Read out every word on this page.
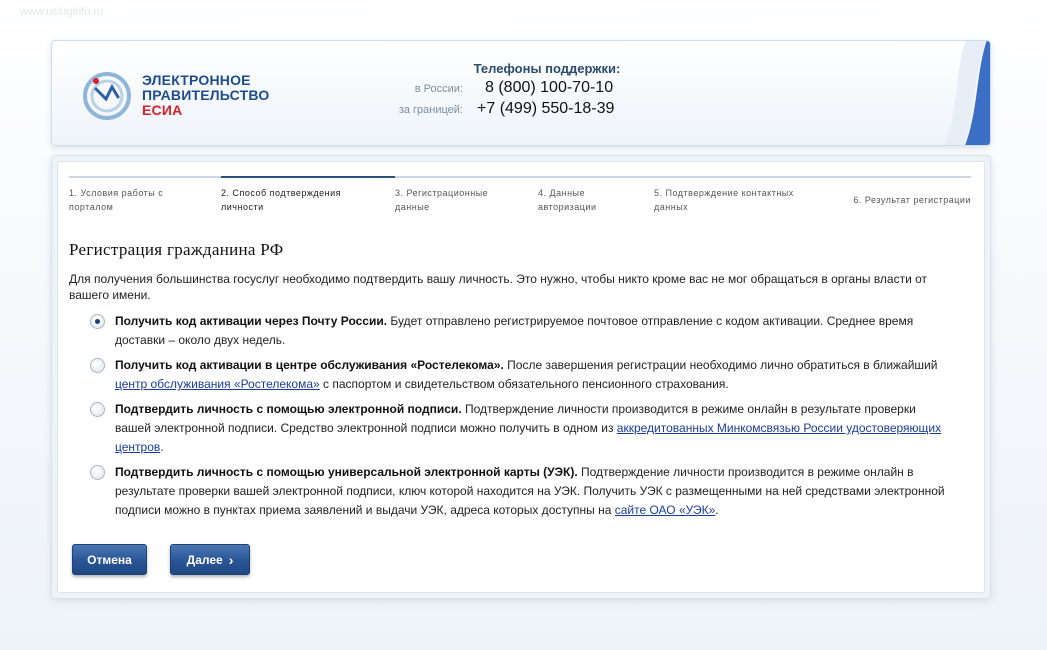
www.usluginfo.ru
ЭЛЕКТРОННОЕ
ПРАВИТЕЛЬСТВО
ЕСИА
Телефоны поддержки:
в России:	8 (800) 100-70-10
за границей: +7 (499) 550-18-39
1. Условия работы с
порталом
2. Способ подтверждения
личности
3. Регистрационные
данные
4. Данные
авторизации
5. Подтверждение контактных
данных
6. Результат регистрации
Регистрация гражданина РФ
Для получения большинства госуслуг необходимо подтвердить вашу личность. Это нужно, чтобы никто кроме вас не мог обращаться в органы власти от вашего имени.
Получить код активации через Почту России. Будет отправлено регистрируемое почтовое отправление с кодом активации. Среднее время доставки – около двух недель.
Получить код активации в центре обслуживания «Ростелекома». После завершения регистрации необходимо лично обратиться в ближайший центр обслуживания «Ростелекома» с паспортом и свидетельством обязательного пенсионного страхования.
Подтвердить личность с помощью электронной подписи. Подтверждение личности производится в режиме онлайн в результате проверки вашей электронной подписи. Средство электронной подписи можно получить в одном из аккредитованных Минкомсвязью России удостоверяющих центров.
Подтвердить личность с помощью универсальной электронной карты (УЭК). Подтверждение личности производится в режиме онлайн в результате проверки вашей электронной подписи, ключ которой находится на УЭК. Получить УЭК с размещенными на ней средствами электронной подписи можно в пунктах приема заявлений и выдачи УЭК, адреса которых доступны на сайте ОАО «УЭК».
Отмена	Далее ›
